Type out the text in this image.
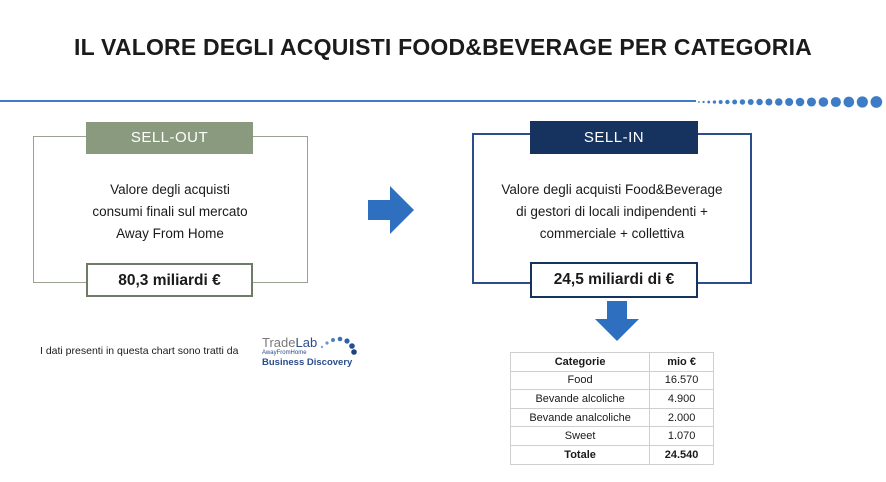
IL VALORE DEGLI ACQUISTI FOOD&BEVERAGE PER CATEGORIA
SELL-OUT
Valore degli acquisti
consumi finali sul mercato
Away From Home
80,3 miliardi €
SELL-IN
Valore degli acquisti Food&Beverage
di gestori di locali indipendenti +
commerciale + collettiva
24,5 miliardi di €
I dati presenti in questa chart sono tratti da
TradeLab
AwayFromHome
Business Discovery	Categorie	mio €
Food	16.570
Bevande alcoliche	4.900
Bevande analcoliche	2.000
Sweet	1.070
Totale	24.540
